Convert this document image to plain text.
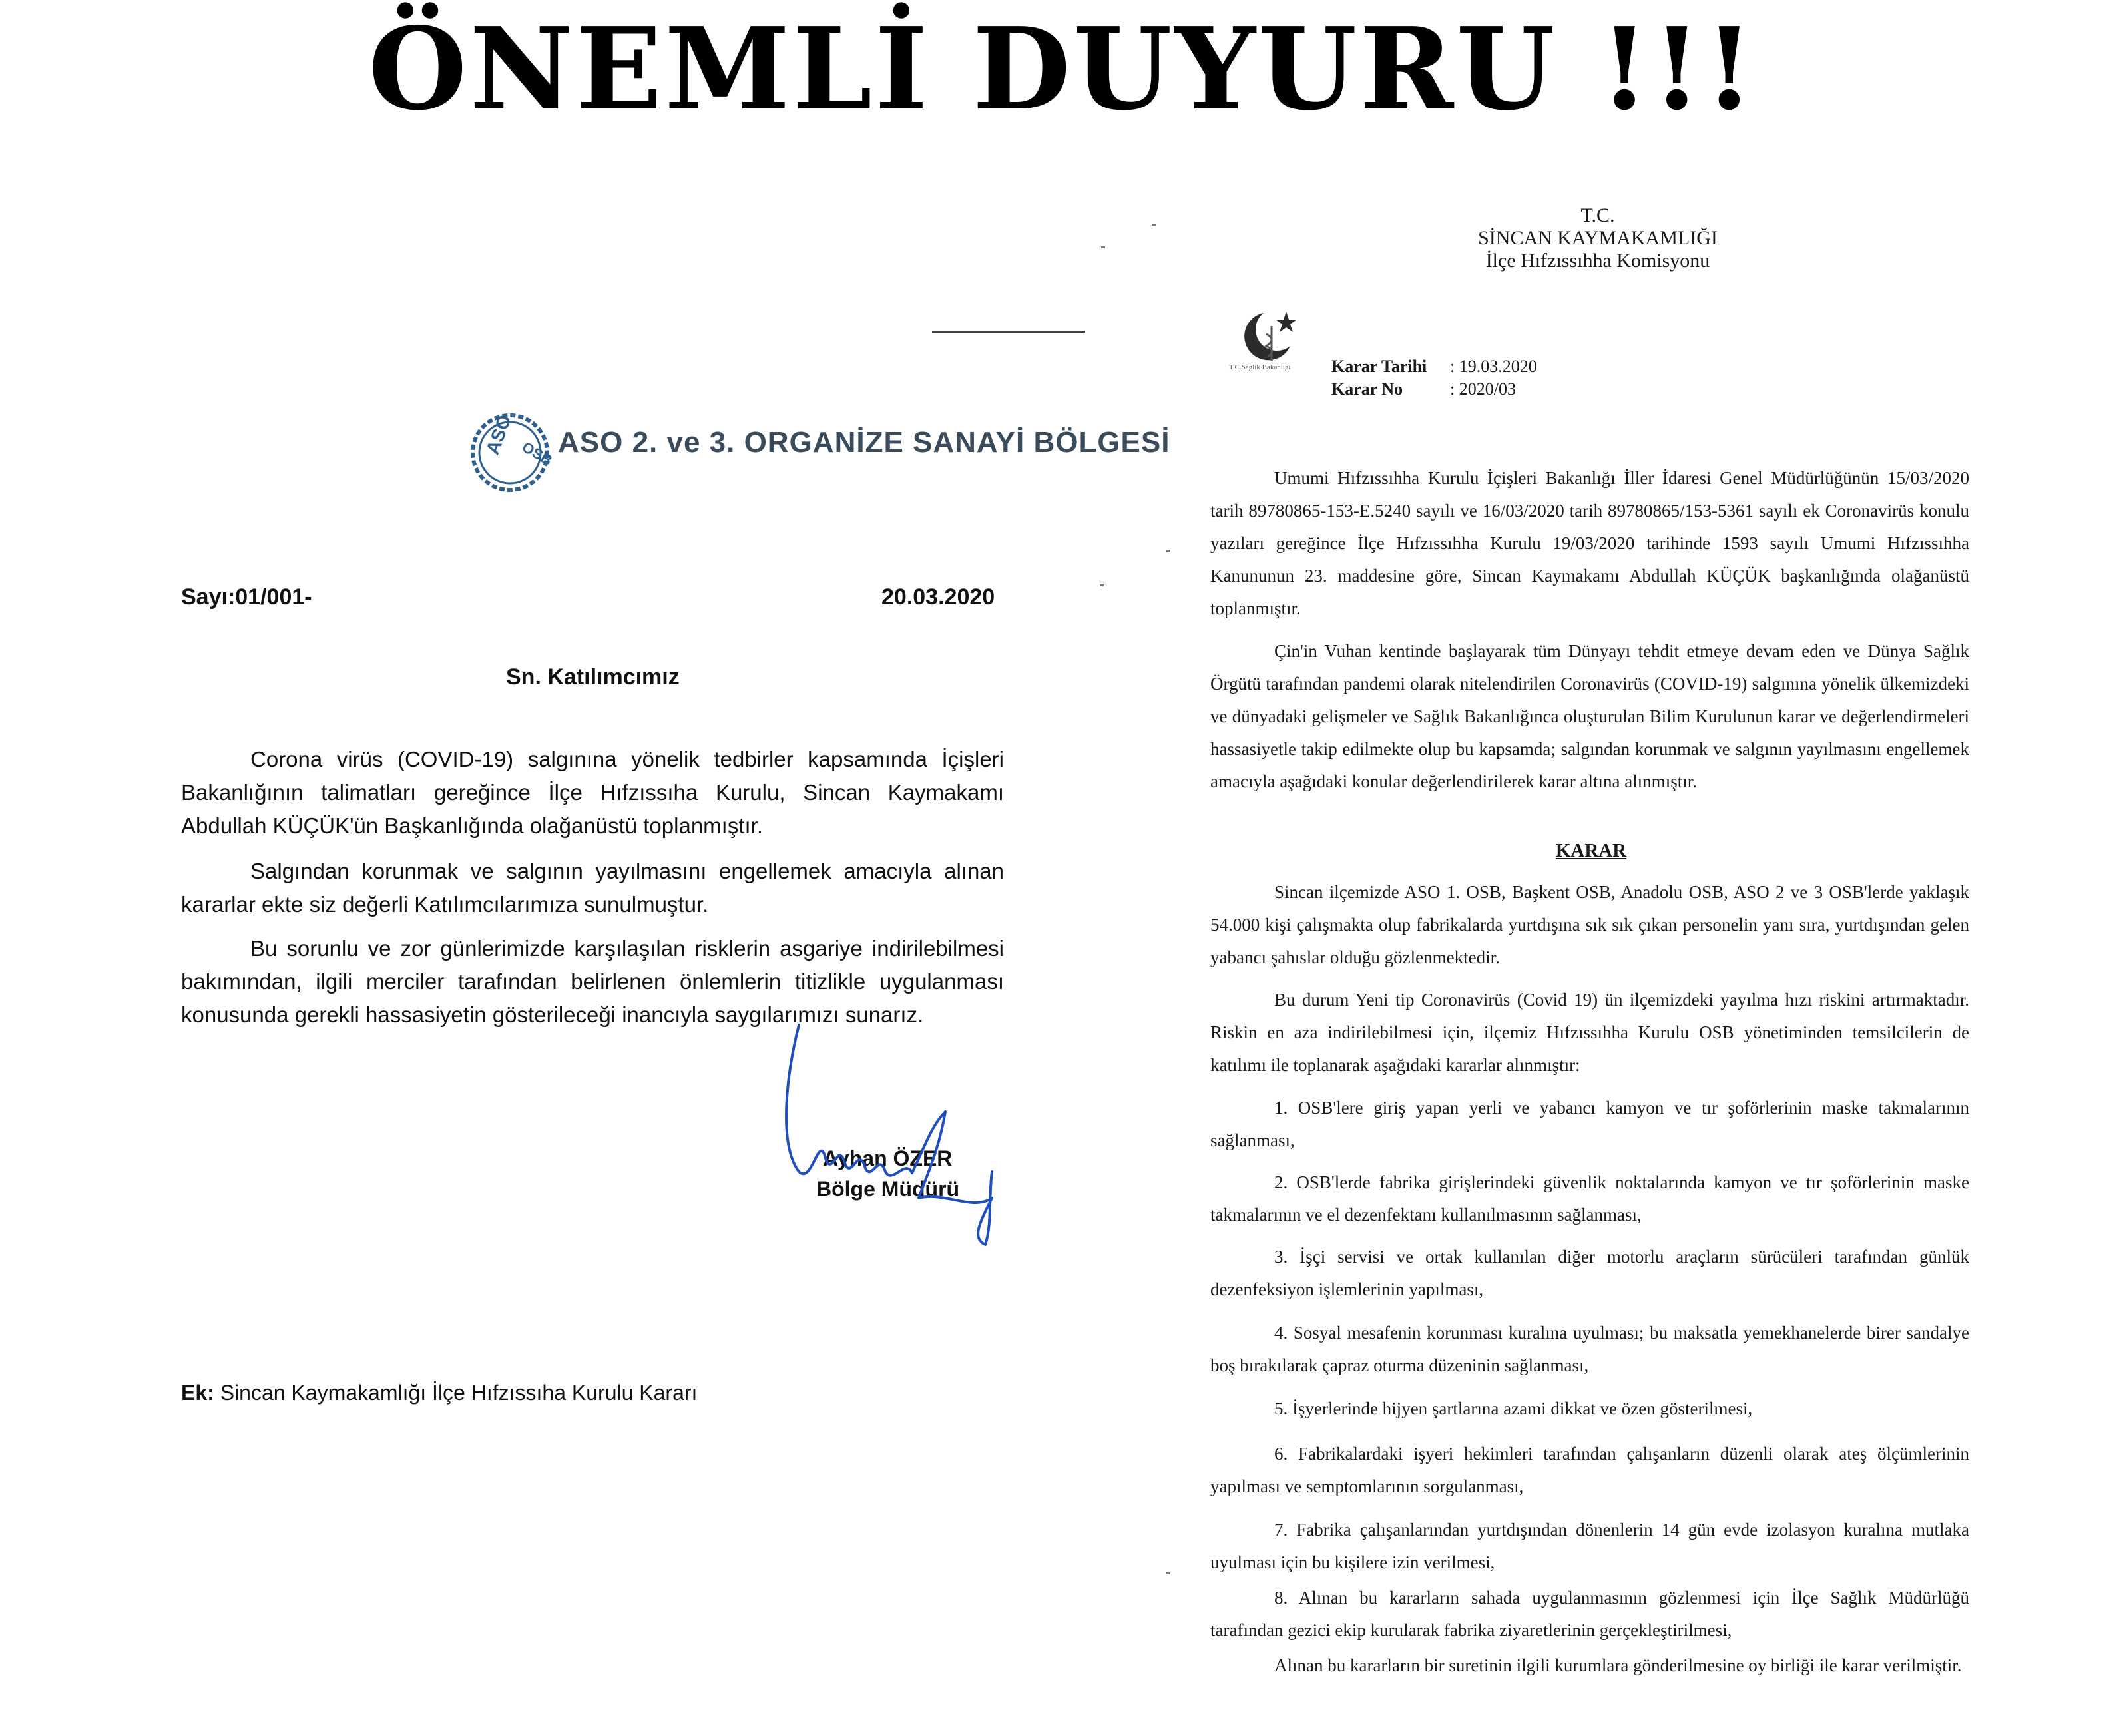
ÖNEMLİ DUYURU !!!
ASO OSB ASO 2. ve 3. ORGANİZE SANAYİ BÖLGESİ
Sayı:01/001-	20.03.2020
Sn. Katılımcımız

Corona virüs (COVID-19) salgınına yönelik tedbirler kapsamında İçişleri Bakanlığının talimatları gereğince İlçe Hıfzıssıha Kurulu, Sincan Kaymakamı Abdullah KÜÇÜK'ün Başkanlığında olağanüstü toplanmıştır.

Salgından korunmak ve salgının yayılmasını engellemek amacıyla alınan kararlar ekte siz değerli Katılımcılarımıza sunulmuştur.

Bu sorunlu ve zor günlerimizde karşılaşılan risklerin asgariye indirilebilmesi bakımından, ilgili merciler tarafından belirlenen önlemlerin titizlikle uygulanması konusunda gerekli hassasiyetin gösterileceği inancıyla saygılarımızı sunarız.

Ayhan ÖZER
Bölge Müdürü
Ek: Sincan Kaymakamlığı İlçe Hıfzıssıha Kurulu Kararı
T.C.
SİNCAN KAYMAKAMLIĞI
İlçe Hıfzıssıhha Komisyonu
T.C.Sağlık Bakanlığı Karar Tarihi : 19.03.2020
Karar No	: 2020/03

Umumi Hıfzıssıhha Kurulu İçişleri Bakanlığı İller İdaresi Genel Müdürlüğünün 15/03/2020 tarih 89780865-153-E.5240 sayılı ve 16/03/2020 tarih 89780865/153-5361 sayılı ek Coronavirüs konulu yazıları gereğince İlçe Hıfzıssıhha Kurulu 19/03/2020 tarihinde 1593 sayılı Umumi Hıfzıssıhha Kanununun 23. maddesine göre, Sincan Kaymakamı Abdullah KÜÇÜK başkanlığında olağanüstü toplanmıştır.

Çin'in Vuhan kentinde başlayarak tüm Dünyayı tehdit etmeye devam eden ve Dünya Sağlık Örgütü tarafından pandemi olarak nitelendirilen Coronavirüs (COVID-19) salgınına yönelik ülkemizdeki ve dünyadaki gelişmeler ve Sağlık Bakanlığınca oluşturulan Bilim Kurulunun karar ve değerlendirmeleri hassasiyetle takip edilmekte olup bu kapsamda; salgından korunmak ve salgının yayılmasını engellemek amacıyla aşağıdaki konular değerlendirilerek karar altına alınmıştır.

KARAR

Sincan ilçemizde ASO 1. OSB, Başkent OSB, Anadolu OSB, ASO 2 ve 3 OSB'lerde yaklaşık 54.000 kişi çalışmakta olup fabrikalarda yurtdışına sık sık çıkan personelin yanı sıra, yurtdışından gelen yabancı şahıslar olduğu gözlenmektedir.

Bu durum Yeni tip Coronavirüs (Covid 19) ün ilçemizdeki yayılma hızı riskini artırmaktadır. Riskin en aza indirilebilmesi için, ilçemiz Hıfzıssıhha Kurulu OSB yönetiminden temsilcilerin de katılımı ile toplanarak aşağıdaki kararlar alınmıştır:

1. OSB'lere giriş yapan yerli ve yabancı kamyon ve tır şoförlerinin maske takmalarının sağlanması,

2. OSB'lerde fabrika girişlerindeki güvenlik noktalarında kamyon ve tır şoförlerinin maske takmalarının ve el dezenfektanı kullanılmasının sağlanması,

3. İşçi servisi ve ortak kullanılan diğer motorlu araçların sürücüleri tarafından günlük dezenfeksiyon işlemlerinin yapılması,

4. Sosyal mesafenin korunması kuralına uyulması; bu maksatla yemekhanelerde birer sandalye boş bırakılarak çapraz oturma düzeninin sağlanması,

5. İşyerlerinde hijyen şartlarına azami dikkat ve özen gösterilmesi,

6. Fabrikalardaki işyeri hekimleri tarafından çalışanların düzenli olarak ateş ölçümlerinin yapılması ve semptomlarının sorgulanması,

7. Fabrika çalışanlarından yurtdışından dönenlerin 14 gün evde izolasyon kuralına mutlaka uyulması için bu kişilere izin verilmesi,

8. Alınan bu kararların sahada uygulanmasının gözlenmesi için İlçe Sağlık Müdürlüğü tarafından gezici ekip kurularak fabrika ziyaretlerinin gerçekleştirilmesi,

Alınan bu kararların bir suretinin ilgili kurumlara gönderilmesine oy birliği ile karar verilmiştir.
